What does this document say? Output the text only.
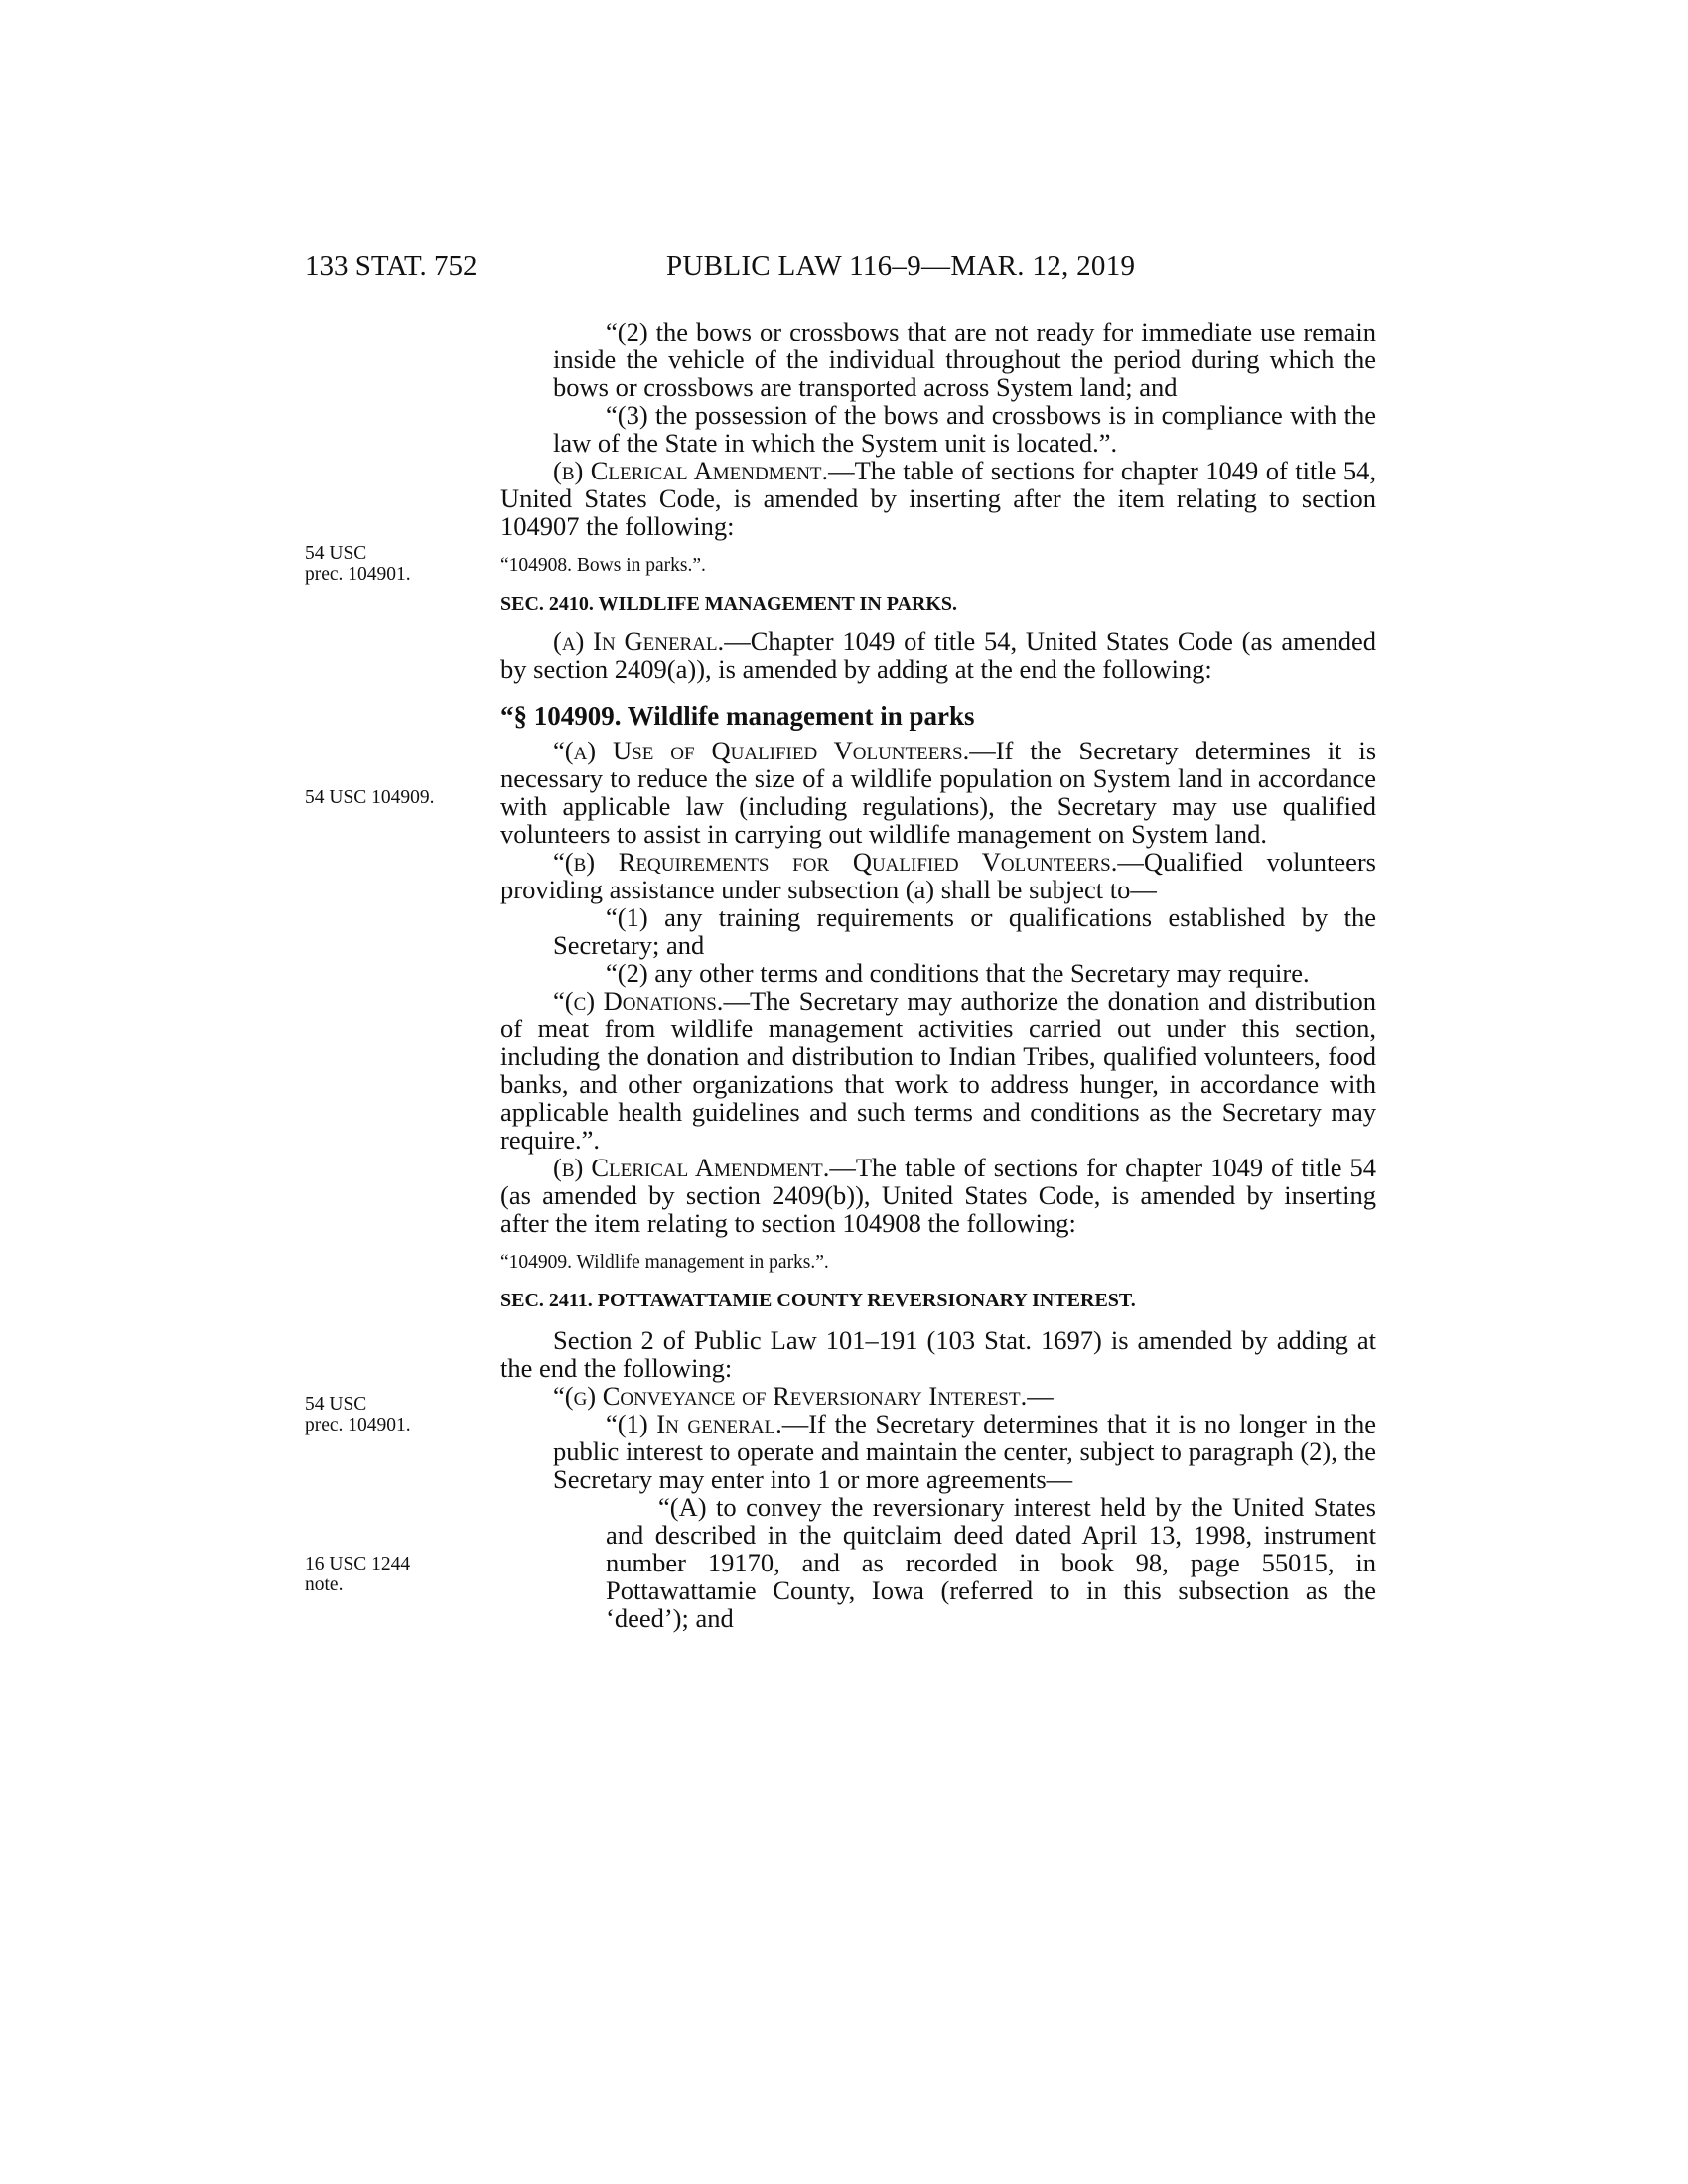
133 STAT. 752	PUBLIC LAW 116–9—MAR. 12, 2019
54 USC
prec. 104901.
54 USC 104909.
54 USC
prec. 104901.
16 USC 1244
note.

“(2) the bows or crossbows that are not ready for immediate use remain inside the vehicle of the individual throughout the period during which the bows or crossbows are transported across System land; and

“(3) the possession of the bows and crossbows is in compliance with the law of the State in which the System unit is located.”.

(b) Clerical Amendment.—The table of sections for chapter 1049 of title 54, United States Code, is amended by inserting after the item relating to section 104907 the following:

“104908. Bows in parks.”.

SEC. 2410. WILDLIFE MANAGEMENT IN PARKS.

(a) In General.—Chapter 1049 of title 54, United States Code (as amended by section 2409(a)), is amended by adding at the end the following:

“§ 104909. Wildlife management in parks

“(a) Use of Qualified Volunteers.—If the Secretary determines it is necessary to reduce the size of a wildlife population on System land in accordance with applicable law (including regulations), the Secretary may use qualified volunteers to assist in carrying out wildlife management on System land.

“(b) Requirements for Qualified Volunteers.—Qualified volunteers providing assistance under subsection (a) shall be subject to—

“(1) any training requirements or qualifications established by the Secretary; and

“(2) any other terms and conditions that the Secretary may require.

“(c) Donations.—The Secretary may authorize the donation and distribution of meat from wildlife management activities carried out under this section, including the donation and distribution to Indian Tribes, qualified volunteers, food banks, and other organizations that work to address hunger, in accordance with applicable health guidelines and such terms and conditions as the Secretary may require.”.

(b) Clerical Amendment.—The table of sections for chapter 1049 of title 54 (as amended by section 2409(b)), United States Code, is amended by inserting after the item relating to section 104908 the following:

“104909. Wildlife management in parks.”.

SEC. 2411. POTTAWATTAMIE COUNTY REVERSIONARY INTEREST.

Section 2 of Public Law 101–191 (103 Stat. 1697) is amended by adding at the end the following:

“(g) Conveyance of Reversionary Interest.—

“(1) In general.—If the Secretary determines that it is no longer in the public interest to operate and maintain the center, subject to paragraph (2), the Secretary may enter into 1 or more agreements—

“(A) to convey the reversionary interest held by the United States and described in the quitclaim deed dated April 13, 1998, instrument number 19170, and as recorded in book 98, page 55015, in Pottawattamie County, Iowa (referred to in this subsection as the ‘deed’); and
